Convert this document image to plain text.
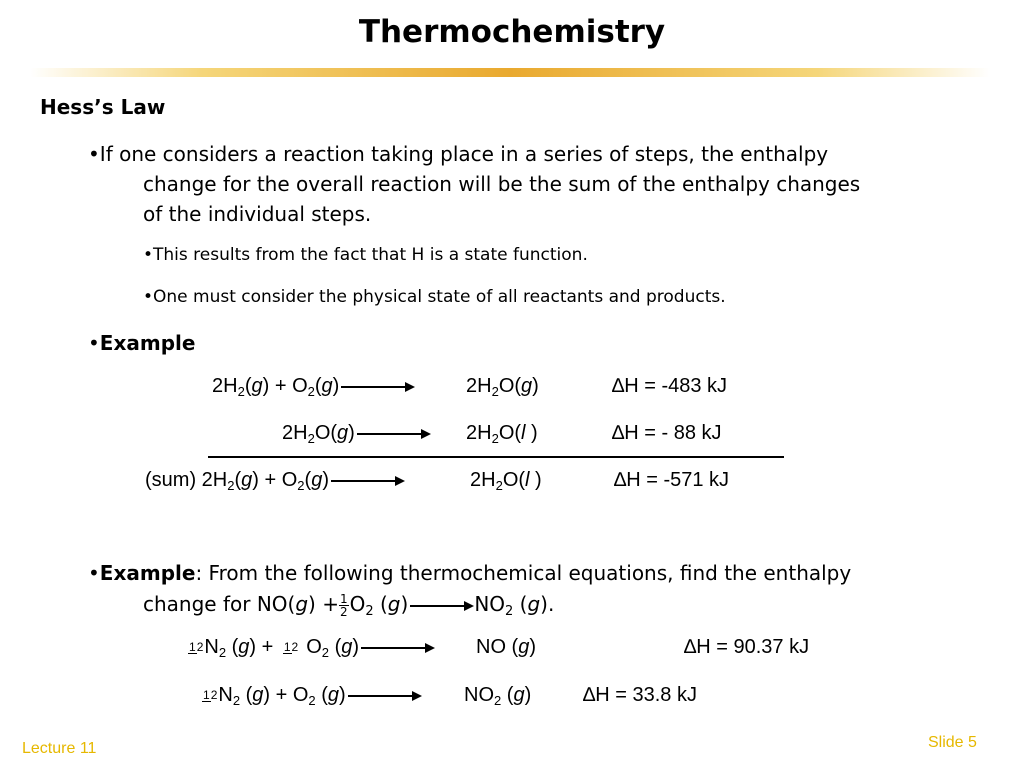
Thermochemistry
Hess’s Law
•If one considers a reaction taking place in a series of steps, the enthalpy
change for the overall reaction will be the sum of the enthalpy changes
of the individual steps.
•This results from the fact that H is a state function.
•One must consider the physical state of all reactants and products.
•Example
$2H_2(g) + O_2(g)$ →	$2H_2O(g)$	∆H = -483 kJ
$2H_2O(g) \to 2H_2O(l$ )	∆H = - 88 kJ
(sum) $2H_2(g) + O_2(g)$ →	$2H_2O(l$ )	∆H = -571 kJ
•Example: From the following thermochemical equations, find the enthalpy
change for $NO(g) + \frac{1}{2} O_2$ $(g) \to NO_2$ (g).
$12N_2$ (g) + 12 $O_2$ (g) → NO (g)	∆H = 90.37 kJ
$12N_2$ $(g) + O_2$ $(g) \to NO_2$ (g)	∆H = 33.8 kJ
Lecture 11	Slide 5
